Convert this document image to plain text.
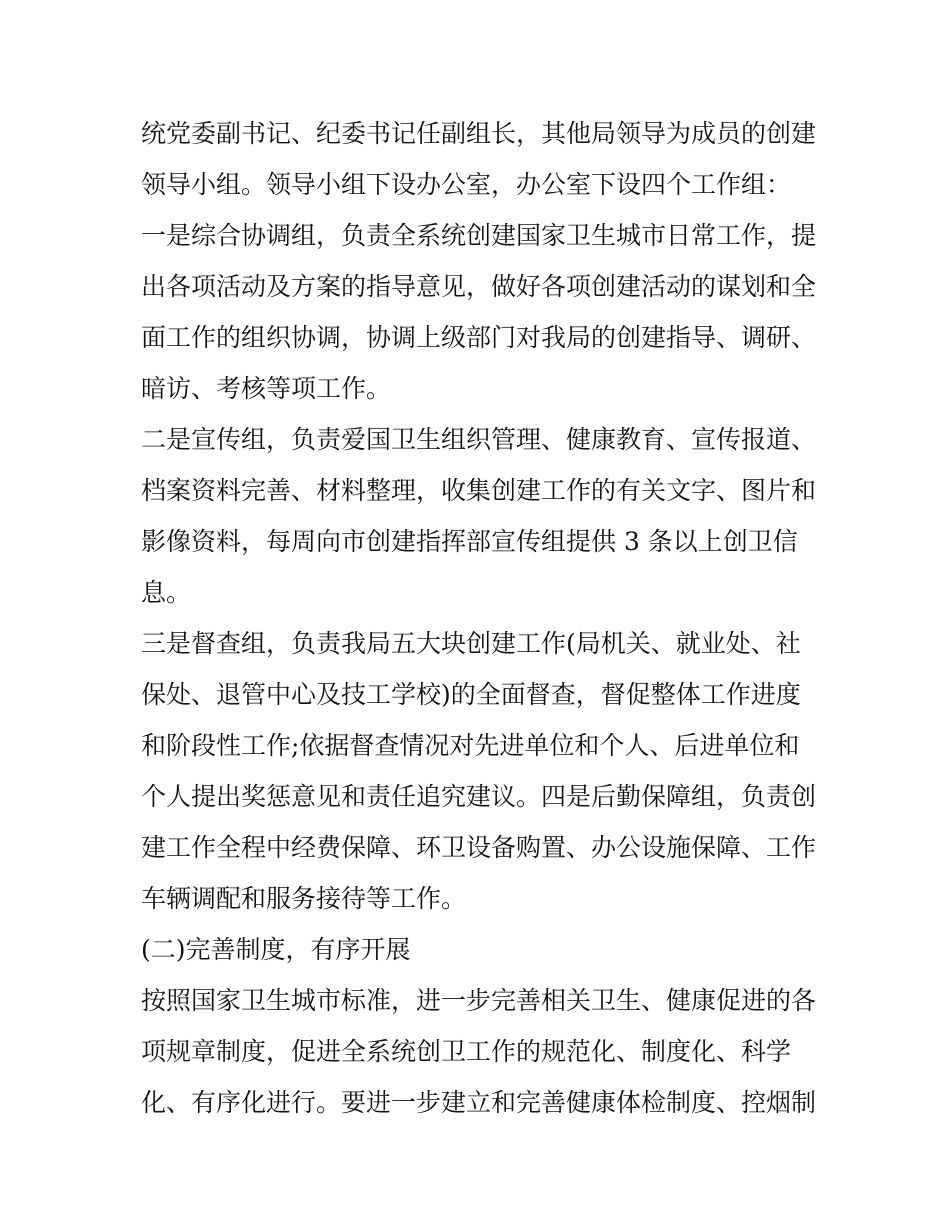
统党委副书记、纪委书记任副组长，其他局领导为成员的创建
领导小组。领导小组下设办公室，办公室下设四个工作组：
一是综合协调组，负责全系统创建国家卫生城市日常工作，提
出各项活动及方案的指导意见，做好各项创建活动的谋划和全
面工作的组织协调，协调上级部门对我局的创建指导、调研、
暗访、考核等项工作。
二是宣传组，负责爱国卫生组织管理、健康教育、宣传报道、
档案资料完善、材料整理，收集创建工作的有关文字、图片和
影像资料，每周向市创建指挥部宣传组提供 3 条以上创卫信
息。
三是督查组，负责我局五大块创建工作(局机关、就业处、社
保处、退管中心及技工学校)的全面督查，督促整体工作进度
和阶段性工作;依据督查情况对先进单位和个人、后进单位和
个人提出奖惩意见和责任追究建议。四是后勤保障组，负责创
建工作全程中经费保障、环卫设备购置、办公设施保障、工作
车辆调配和服务接待等工作。
(二)完善制度，有序开展
按照国家卫生城市标准，进一步完善相关卫生、健康促进的各
项规章制度，促进全系统创卫工作的规范化、制度化、科学
化、有序化进行。要进一步建立和完善健康体检制度、控烟制
